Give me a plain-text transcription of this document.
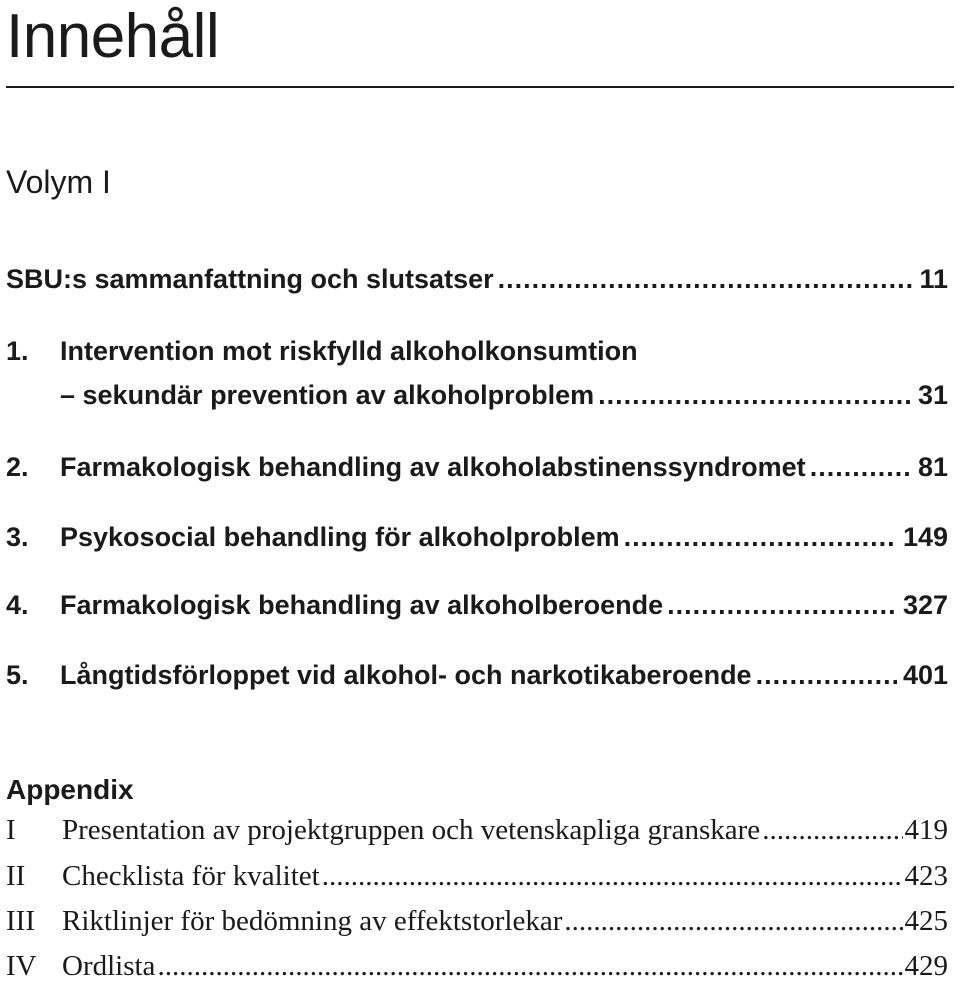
Innehåll
Volym I
SBU:s sammanfattning och slutsatser .....	11
1.	Intervention mot riskfylld alkoholkonsumtion
– sekundär prevention av alkoholproblem .....	31
2.	Farmakologisk behandling av alkoholabstinenssyndromet .....	81
3.	Psykosocial behandling för alkoholproblem .....	149
4.	Farmakologisk behandling av alkoholberoende .....	327
5.	Långtidsförloppet vid alkohol- och narkotikaberoende .....	401
Appendix
I	Presentation av projektgruppen och vetenskapliga granskare .....	419
II	Checklista för kvalitet .....	423
III Riktlinjer för bedömning av effektstorlekar .....	425
IV Ordlista .....	429
